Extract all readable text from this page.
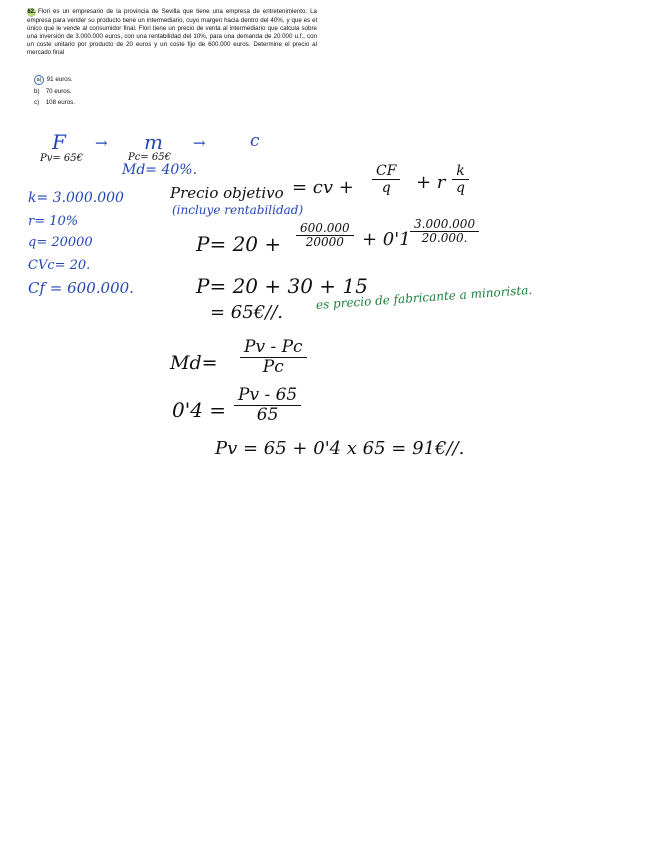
62. Flori es un empresario de la provincia de Sevilla que tiene una empresa de entretenimiento. La empresa para vender su producto tiene un intermediario, cuyo margen hacia dentro del 40%, y que es el único que le vende al consumidor final. Flori tiene un precio de venta al intermediario que calcula sobre una inversión de 3.000.000 euros, con una rentabilidad del 10%, para una demanda de 20.000 u.f., con un coste unitario por producto de 20 euros y un coste fijo de 600.000 euros. Determine el precio al mercado final
a) 91 euros.
b) 70 euros.
c) 108 euros.
F → m →	c
Pv= 65€	Pc= 65€
Md= 40%.
k= 3.000.000
r= 10%
q= 20000
CVc= 20.
Cf = 600.000.
Precio objetivo
(incluye rentabilidad)
= cv + $\frac{CF}{q} + r \frac{k}{q}$
$P= 20 + \frac{600.000}{20000} + 0'1 \frac{3.000.000}{20.000.}$
P= 20 + 30 + 15
= 65€//.
es precio de fabricante a minorista.
$Md= \frac{Pv - Pc}{Pc}$
$0'4 = \frac{Pv - 65}{65}$
Pv = 65 + 0'4 x 65 = 91€//.
